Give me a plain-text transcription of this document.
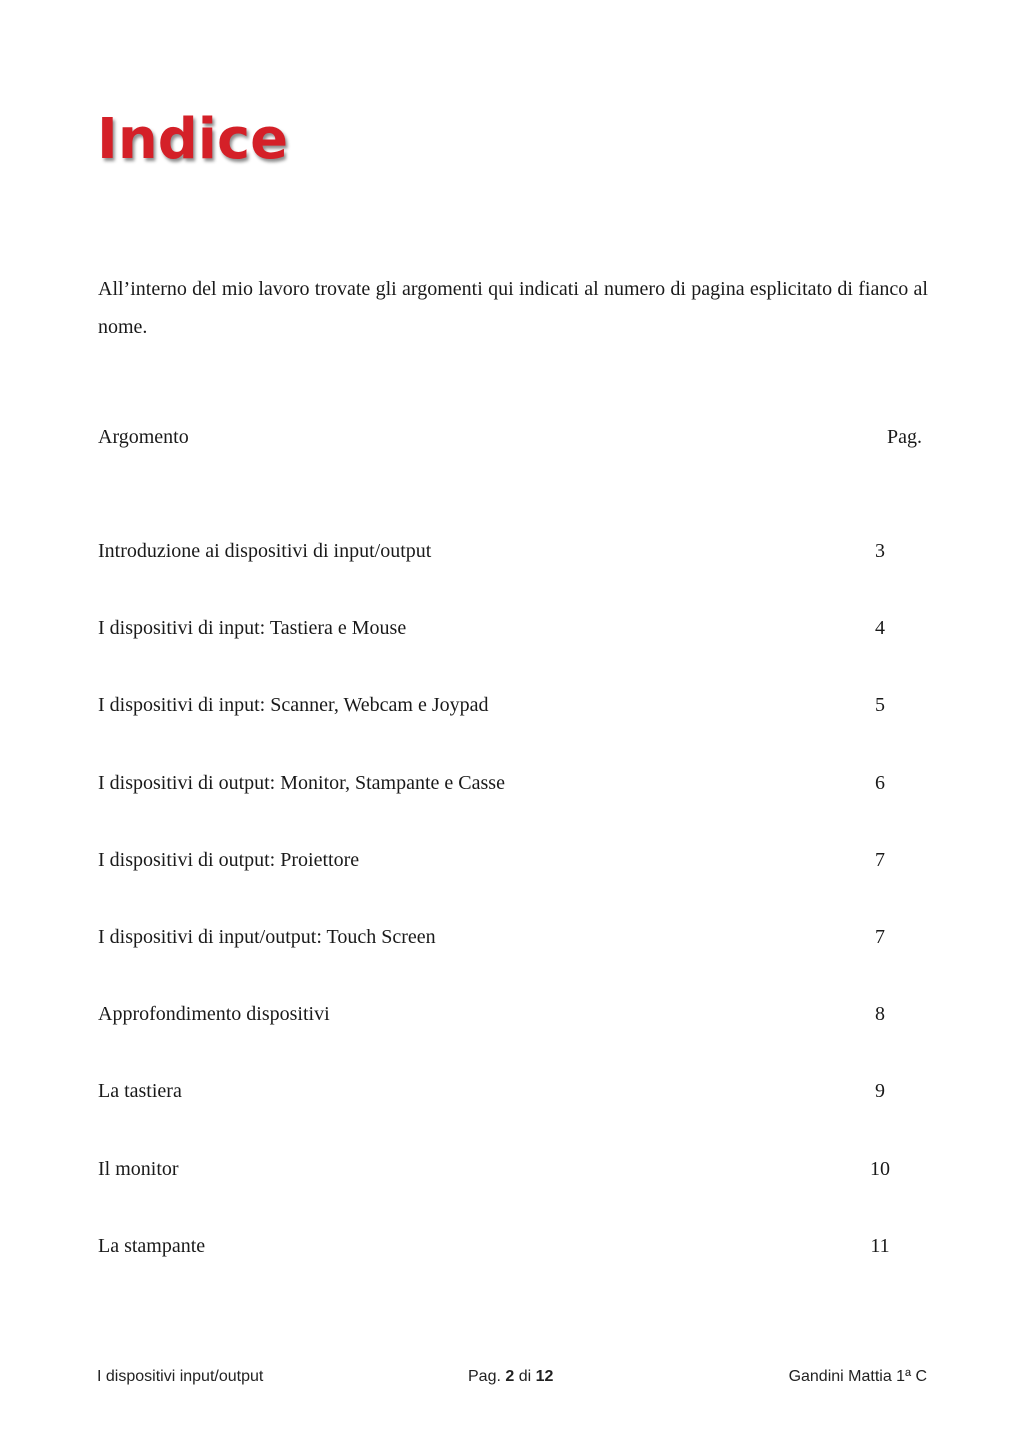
Indice

All’interno del mio lavoro trovate gli argomenti qui indicati al numero di pagina esplicitato di fianco al nome.

Argomento	Pag.
Introduzione ai dispositivi di input/output	3
I dispositivi di input: Tastiera e Mouse	4
I dispositivi di input: Scanner, Webcam e Joypad	5
I dispositivi di output: Monitor, Stampante e Casse	6
I dispositivi di output: Proiettore	7
I dispositivi di input/output: Touch Screen	7
Approfondimento dispositivi	8
La tastiera	9
Il monitor	10
La stampante	11
I dispositivi input/output	Pag. 2 di 12	Gandini Mattia 1ª C
